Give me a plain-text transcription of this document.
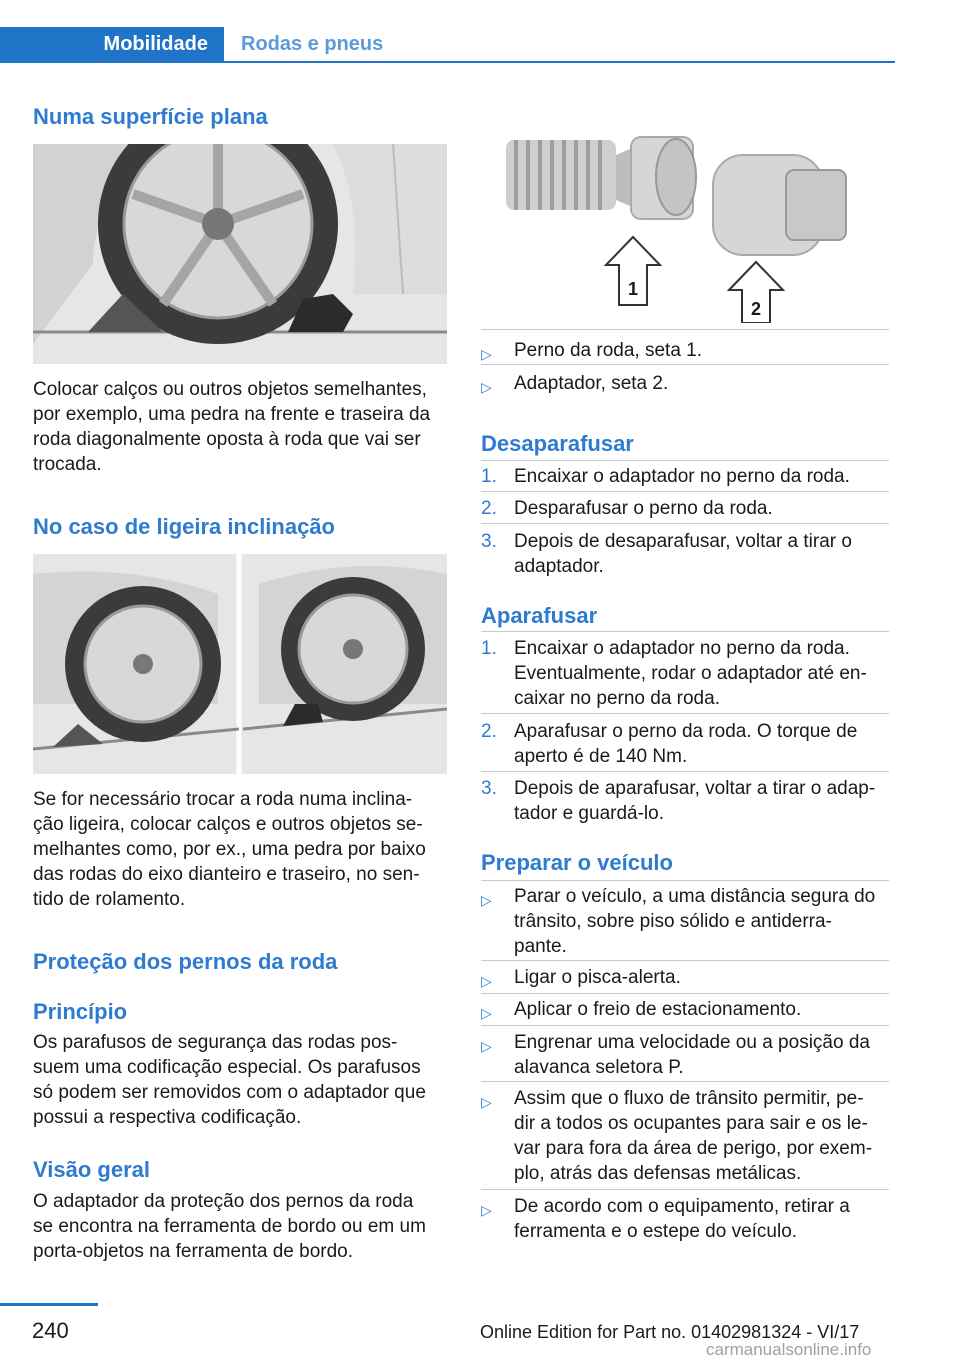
Mobilidade Rodas e pneus
Numa superfície plana

Colocar calços ou outros objetos semelhantes,
por exemplo, uma pedra na frente e traseira da
roda diagonalmente oposta à roda que vai ser
trocada.

No caso de ligeira inclinação

Se for necessário trocar a roda numa inclina‐
ção ligeira, colocar calços e outros objetos se‐
melhantes como, por ex., uma pedra por baixo
das rodas do eixo dianteiro e traseiro, no sen‐
tido de rolamento.

Proteção dos pernos da roda
Princípio

Os parafusos de segurança das rodas pos‐
suem uma codificação especial. Os parafusos
só podem ser removidos com o adaptador que
possui a respectiva codificação.

Visão geral

O adaptador da proteção dos pernos da roda
se encontra na ferramenta de bordo ou em um
porta-objetos na ferramenta de bordo.

1
2
▷ Perno da roda, seta 1.
▷ Adaptador, seta 2.
Desaparafusar
1. Encaixar o adaptador no perno da roda.
2. Desparafusar o perno da roda.
3. Depois de desaparafusar, voltar a tirar o
adaptador.
Aparafusar
1. Encaixar o adaptador no perno da roda.
Eventualmente, rodar o adaptador até en‐
caixar no perno da roda.
2. Aparafusar o perno da roda. O torque de
aperto é de 140 Nm.
3. Depois de aparafusar, voltar a tirar o adap‐
tador e guardá-lo.
Preparar o veículo
▷ Parar o veículo, a uma distância segura do
trânsito, sobre piso sólido e antiderra‐
pante.
▷ Ligar o pisca-alerta.
▷ Aplicar o freio de estacionamento.
▷ Engrenar uma velocidade ou a posição da
alavanca seletora P.
▷ Assim que o fluxo de trânsito permitir, pe‐
dir a todos os ocupantes para sair e os le‐
var para fora da área de perigo, por exem‐
plo, atrás das defensas metálicas.
▷ De acordo com o equipamento, retirar a
ferramenta e o estepe do veículo.
240	Online Edition for Part no. 01402981324 - VI/17
carmanualsonline.info
